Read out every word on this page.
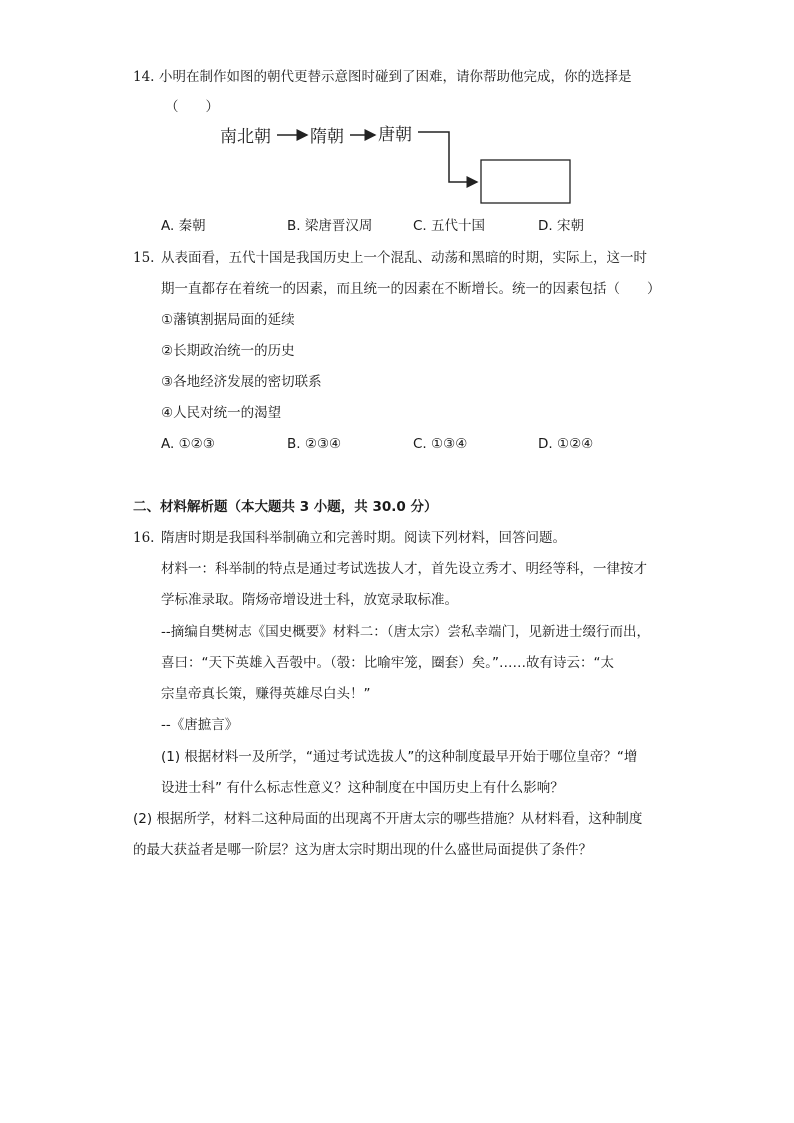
14. 小明在制作如图的朝代更替示意图时碰到了困难，请你帮助他完成，你的选择是
（　　）
南北朝 隋朝 唐朝
A. 秦朝	B. 梁唐晋汉周	C. 五代十国	D. 宋朝
15. 从表面看，五代十国是我国历史上一个混乱、动荡和黑暗的时期，实际上，这一时
期一直都存在着统一的因素，而且统一的因素在不断增长。统一的因素包括（　　）
①藩镇割据局面的延续
②长期政治统一的历史
③各地经济发展的密切联系
④人民对统一的渴望
A. ①②③	B. ②③④	C. ①③④	D. ①②④
二、材料解析题（本大题共 3 小题，共 30.0 分）
16. 隋唐时期是我国科举制确立和完善时期。阅读下列材料，回答问题。
材料一：科举制的特点是通过考试选拔人才，首先设立秀才、明经等科，一律按才
学标准录取。隋炀帝增设进士科，放宽录取标准。
--摘编自樊树志《国史概要》材料二：（唐太宗）尝私幸端门，见新进士缀行而出，
喜曰：“天下英雄入吾彀中。（彀：比喻牢笼，圈套）矣。”……故有诗云：“太
宗皇帝真长策，赚得英雄尽白头！”
--《唐摭言》
(1) 根据材料一及所学，“通过考试选拔人”的这种制度最早开始于哪位皇帝？“增
设进士科” 有什么标志性意义？这种制度在中国历史上有什么影响？
(2) 根据所学，材料二这种局面的出现离不开唐太宗的哪些措施？从材料看，这种制度
的最大获益者是哪一阶层？这为唐太宗时期出现的什么盛世局面提供了条件？
